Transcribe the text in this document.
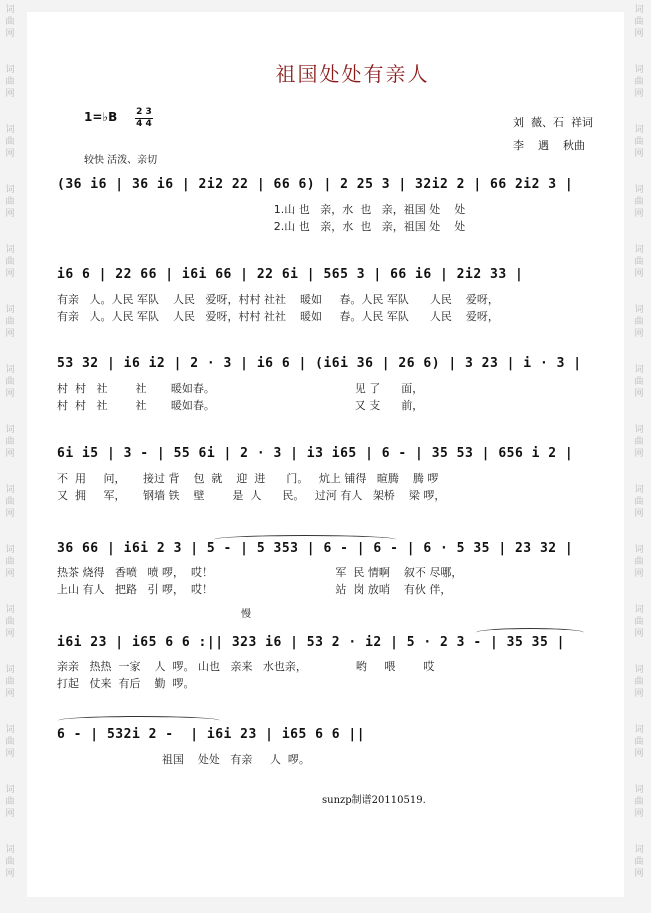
祖国处处有亲人
1=♭B 2 3
4 4
较快 活泼、亲切
刘  薇、石  祥词
李    遇    秋曲
词
曲
网
词
曲
网
词
曲
网
词
曲
网
词
曲
网
词
曲
网
词
曲
网
词
曲
网
词
曲
网
词
曲
网
词
曲
网
词
曲
网
词
曲
网
词
曲
网
词
曲
网
词
曲
网
词
曲
网
词
曲
网
词
曲
网
词
曲
网
词
曲
网
词
曲
网
词
曲
网
词
曲
网
词
曲
网
词
曲
网
词
曲
网
词
曲
网
词
曲
网
词
曲
网
(36 i6 | 36 i6 | 2i2 22 | 66 6) | 2 25 3 | 32i2 2 | 66 2i2 3 |
1.山 也   亲，水  也   亲，祖国 处    处
2.山 也   亲，水  也   亲，祖国 处    处
i6 6 | 22 66 | i6i 66 | 22 6i | 565 3 | 66 i6 | 2i2 33 |
有亲   人。人民 军队    人民   爱呀，村村 社社    暖如     春。人民 军队      人民    爱呀，
有亲   人。人民 军队    人民   爱呀，村村 社社    暖如     春。人民 军队      人民    爱呀，
53 32 | i6 i2 | 2 · 3 | i6 6 | (i6i 36 | 26 6) | 3 23 | i · 3 |
村  村   社        社       暖如春。                                        见 了      面，
村  村   社        社       暖如春。                                        又 支      前，
6i i5 | 3 - | 55 6i | 2 · 3 | i3 i65 | 6 - | 35 53 | 656 i 2 |
不  用     问，     接过 背    包  就    迎  进      门。   炕上 铺得   暄腾    腾 啰
又  拥     军，     钢墙 铁    壁        是  人      民。   过河 有人   架桥    梁 啰，
36 66 | i6i 2 3 | 5 - | 5 353 | 6 - | 6 - | 6 · 5 35 | 23 32 |
热茶 烧得   香喷   喷 啰，  哎！                                   军  民 情啊    叙不 尽哪，
上山 有人   把路   引 啰，  哎！                                   站  岗 放哨    有伙 伴，
慢
i6i 23 | i65 6 6 :|| 323 i6 | 53 2 · i2 | 5 · 2 3 - | 35 35 |
亲亲   热热  一家    人  啰。 山也   亲来   水也亲，              哟     喂        哎
打起   仗来  有后    勤  啰。
6 - | 532i 2 -  | i6i 23 | i65 6 6 ||
祖国    处处   有亲     人  啰。
sunzp制谱20110519.
